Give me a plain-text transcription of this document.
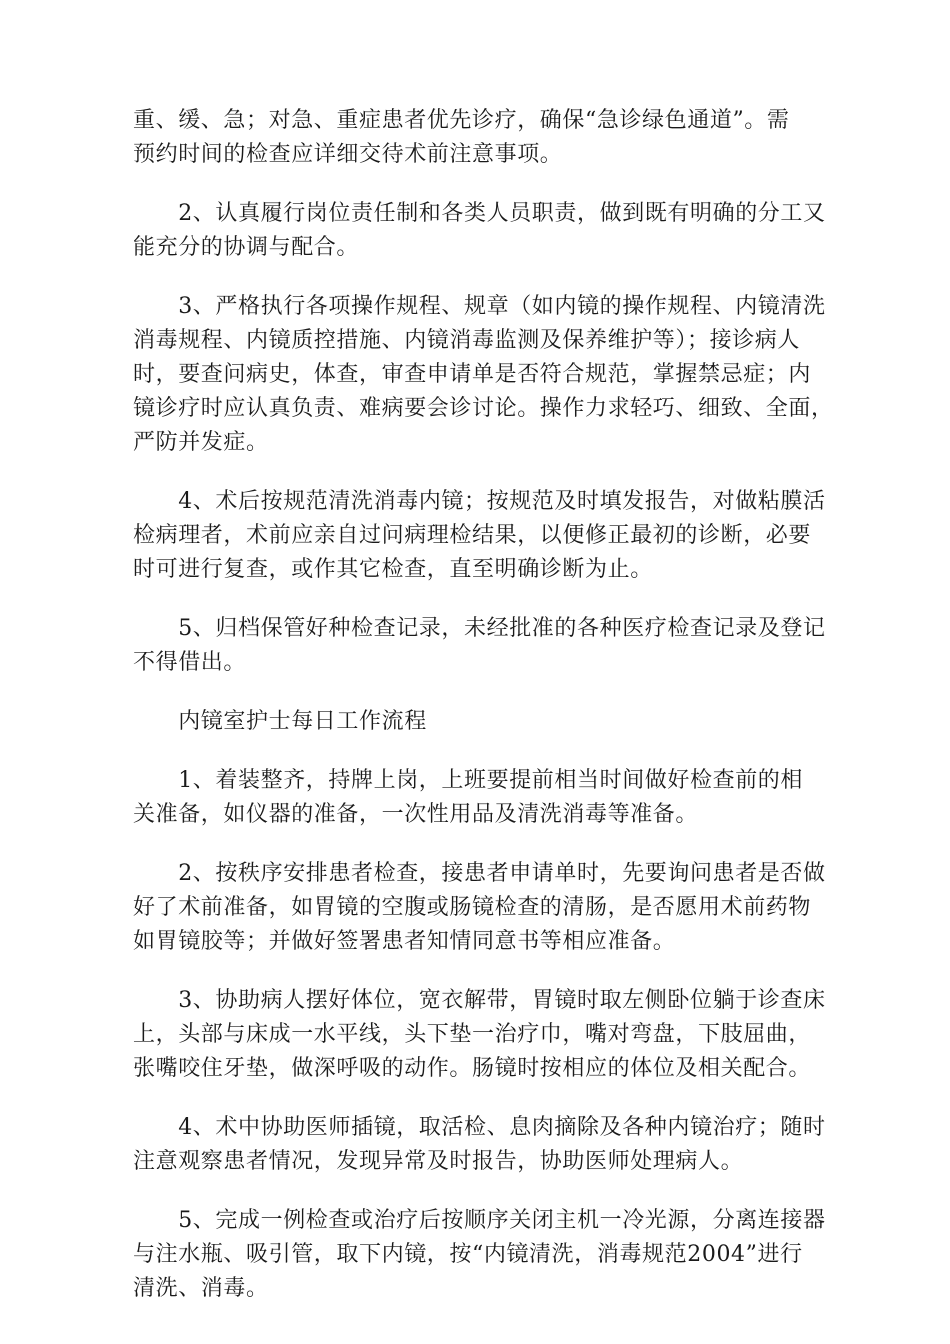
重、缓、急；对急、重症患者优先诊疗，确保“急诊绿色通道”。需
预约时间的检查应详细交待术前注意事项。
　　2、认真履行岗位责任制和各类人员职责，做到既有明确的分工又
能充分的协调与配合。
　　3、严格执行各项操作规程、规章（如内镜的操作规程、内镜清洗
消毒规程、内镜质控措施、内镜消毒监测及保养维护等）；接诊病人
时，要查问病史，体查，审查申请单是否符合规范，掌握禁忌症；内
镜诊疗时应认真负责、难病要会诊讨论。操作力求轻巧、细致、全面，
严防并发症。
　　4、术后按规范清洗消毒内镜；按规范及时填发报告，对做粘膜活
检病理者，术前应亲自过问病理检结果，以便修正最初的诊断，必要
时可进行复查，或作其它检查，直至明确诊断为止。
　　5、归档保管好种检查记录，未经批准的各种医疗检查记录及登记
不得借出。
　　内镜室护士每日工作流程
　　1、着装整齐，持牌上岗，上班要提前相当时间做好检查前的相
关准备，如仪器的准备，一次性用品及清洗消毒等准备。
　　2、按秩序安排患者检查，接患者申请单时，先要询问患者是否做
好了术前准备，如胃镜的空腹或肠镜检查的清肠，是否愿用术前药物
如胃镜胶等；并做好签署患者知情同意书等相应准备。
　　3、协助病人摆好体位，宽衣解带，胃镜时取左侧卧位躺于诊查床
上，头部与床成一水平线，头下垫一治疗巾，嘴对弯盘，下肢屈曲，
张嘴咬住牙垫，做深呼吸的动作。肠镜时按相应的体位及相关配合。
　　4、术中协助医师插镜，取活检、息肉摘除及各种内镜治疗；随时
注意观察患者情况，发现异常及时报告，协助医师处理病人。
　　5、完成一例检查或治疗后按顺序关闭主机一冷光源，分离连接器
与注水瓶、吸引管，取下内镜，按“内镜清洗，消毒规范2004”进行
清洗、消毒。
